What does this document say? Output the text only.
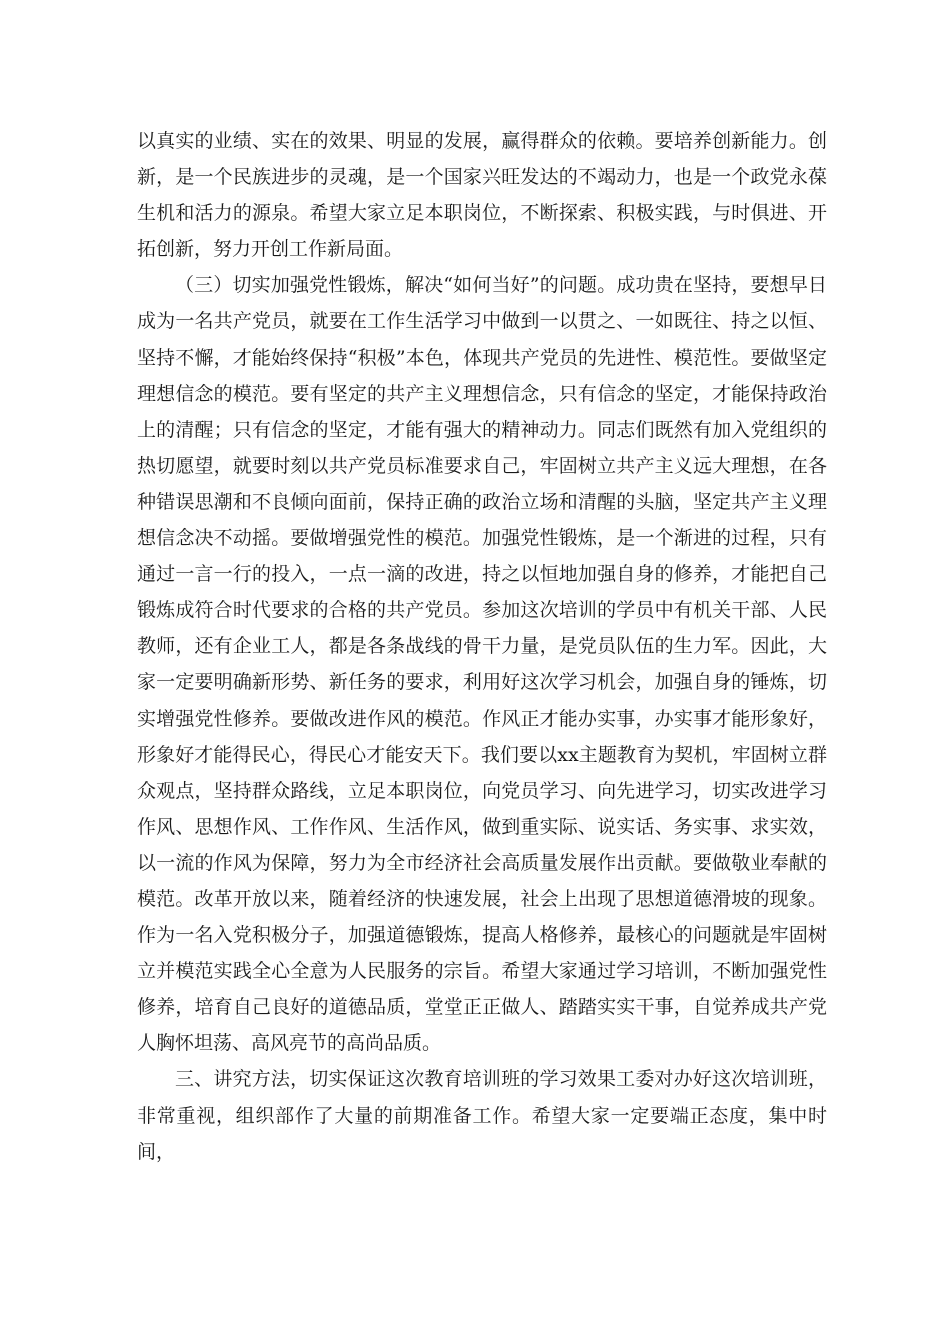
以真实的业绩、实在的效果、明显的发展，赢得群众的依赖。要培养创新能力。创新，是一个民族进步的灵魂，是一个国家兴旺发达的不竭动力，也是一个政党永葆生机和活力的源泉。希望大家立足本职岗位，不断探索、积极实践，与时俱进、开拓创新，努力开创工作新局面。

（三）切实加强党性锻炼，解决“如何当好”的问题。成功贵在坚持，要想早日成为一名共产党员，就要在工作生活学习中做到一以贯之、一如既往、持之以恒、坚持不懈，才能始终保持“积极”本色，体现共产党员的先进性、模范性。要做坚定理想信念的模范。要有坚定的共产主义理想信念，只有信念的坚定，才能保持政治上的清醒；只有信念的坚定，才能有强大的精神动力。同志们既然有加入党组织的热切愿望，就要时刻以共产党员标准要求自己，牢固树立共产主义远大理想，在各种错误思潮和不良倾向面前，保持正确的政治立场和清醒的头脑，坚定共产主义理想信念决不动摇。要做增强党性的模范。加强党性锻炼，是一个渐进的过程，只有通过一言一行的投入，一点一滴的改进，持之以恒地加强自身的修养，才能把自己锻炼成符合时代要求的合格的共产党员。参加这次培训的学员中有机关干部、人民教师，还有企业工人，都是各条战线的骨干力量，是党员队伍的生力军。因此，大家一定要明确新形势、新任务的要求，利用好这次学习机会，加强自身的锤炼，切实增强党性修养。要做改进作风的模范。作风正才能办实事，办实事才能形象好，形象好才能得民心，得民心才能安天下。我们要以xx主题教育为契机，牢固树立群众观点，坚持群众路线，立足本职岗位，向党员学习、向先进学习，切实改进学习作风、思想作风、工作作风、生活作风，做到重实际、说实话、务实事、求实效，以一流的作风为保障，努力为全市经济社会高质量发展作出贡献。要做敬业奉献的模范。改革开放以来，随着经济的快速发展，社会上出现了思想道德滑坡的现象。作为一名入党积极分子，加强道德锻炼，提高人格修养，最核心的问题就是牢固树立并模范实践全心全意为人民服务的宗旨。希望大家通过学习培训，不断加强党性修养，培育自己良好的道德品质，堂堂正正做人、踏踏实实干事，自觉养成共产党人胸怀坦荡、高风亮节的高尚品质。

三、讲究方法，切实保证这次教育培训班的学习效果工委对办好这次培训班，非常重视，组织部作了大量的前期准备工作。希望大家一定要端正态度，集中时间，
